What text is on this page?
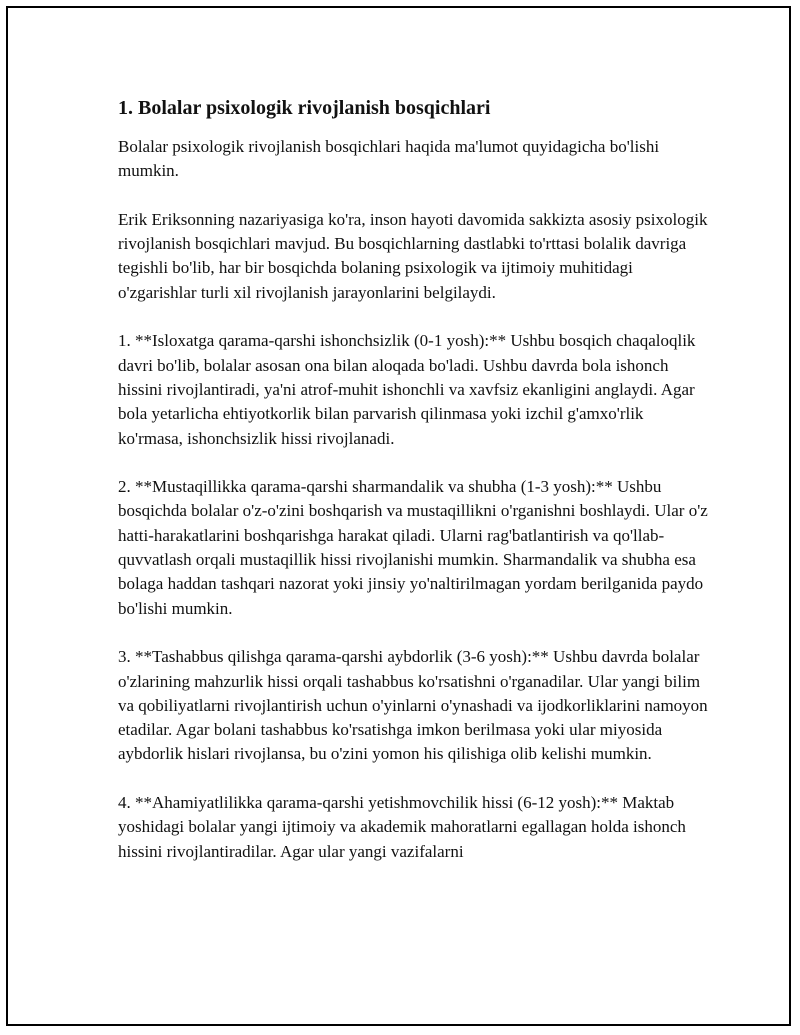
1. Bolalar psixologik rivojlanish bosqichlari

Bolalar psixologik rivojlanish bosqichlari haqida ma'lumot quyidagicha bo'lishi mumkin.

Erik Eriksonning nazariyasiga ko'ra, inson hayoti davomida sakkizta asosiy psixologik rivojlanish bosqichlari mavjud. Bu bosqichlarning dastlabki to'rttasi bolalik davriga tegishli bo'lib, har bir bosqichda bolaning psixologik va ijtimoiy muhitidagi o'zgarishlar turli xil rivojlanish jarayonlarini belgilaydi.

1. **Isloxatga qarama-qarshi ishonchsizlik (0-1 yosh):** Ushbu bosqich chaqaloqlik davri bo'lib, bolalar asosan ona bilan aloqada bo'ladi. Ushbu davrda bola ishonch hissini rivojlantiradi, ya'ni atrof-muhit ishonchli va xavfsiz ekanligini anglaydi. Agar bola yetarlicha ehtiyotkorlik bilan parvarish qilinmasa yoki izchil g'amxo'rlik ko'rmasa, ishonchsizlik hissi rivojlanadi.

2. **Mustaqillikka qarama-qarshi sharmandalik va shubha (1-3 yosh):** Ushbu bosqichda bolalar o'z-o'zini boshqarish va mustaqillikni o'rganishni boshlaydi. Ular o'z hatti-harakatlarini boshqarishga harakat qiladi. Ularni rag'batlantirish va qo'llab-quvvatlash orqali mustaqillik hissi rivojlanishi mumkin. Sharmandalik va shubha esa bolaga haddan tashqari nazorat yoki jinsiy yo'naltirilmagan yordam berilganida paydo bo'lishi mumkin.

3. **Tashabbus qilishga qarama-qarshi aybdorlik (3-6 yosh):** Ushbu davrda bolalar o'zlarining mahzurlik hissi orqali tashabbus ko'rsatishni o'rganadilar. Ular yangi bilim va qobiliyatlarni rivojlantirish uchun o'yinlarni o'ynashadi va ijodkorliklarini namoyon etadilar. Agar bolani tashabbus ko'rsatishga imkon berilmasa yoki ular miyosida aybdorlik hislari rivojlansa, bu o'zini yomon his qilishiga olib kelishi mumkin.

4. **Ahamiyatlilikka qarama-qarshi yetishmovchilik hissi (6-12 yosh):** Maktab yoshidagi bolalar yangi ijtimoiy va akademik mahoratlarni egallagan holda ishonch hissini rivojlantiradilar. Agar ular yangi vazifalarni
